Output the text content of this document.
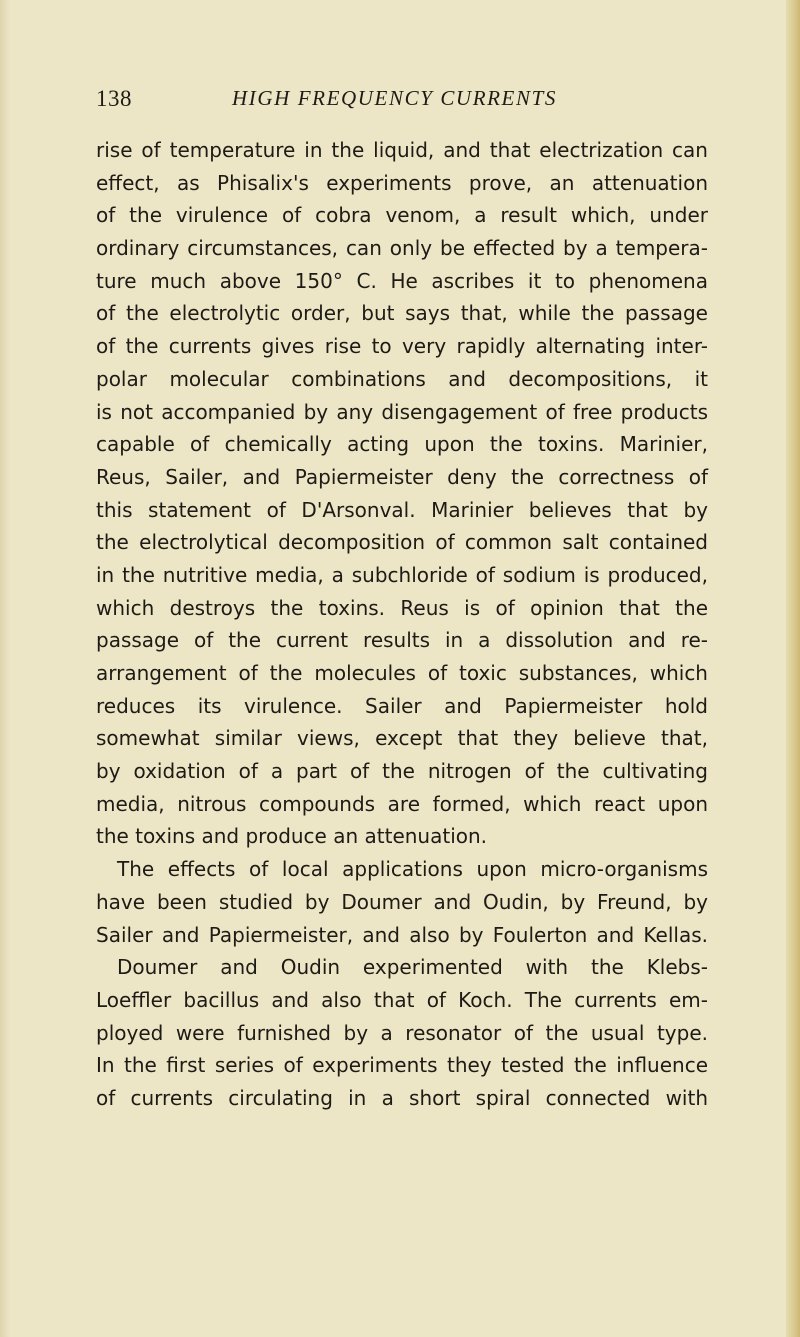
138	HIGH FREQUENCY CURRENTS
rise of temperature in the liquid, and that electrization can
effect, as Phisalix's experiments prove, an attenuation
of the virulence of cobra venom, a result which, under
ordinary circumstances, can only be effected by a tempera-
ture much above 150° C. He ascribes it to phenomena
of the electrolytic order, but says that, while the passage
of the currents gives rise to very rapidly alternating inter-
polar molecular combinations and decompositions, it
is not accompanied by any disengagement of free products
capable of chemically acting upon the toxins. Marinier,
Reus, Sailer, and Papiermeister deny the correctness of
this statement of D'Arsonval. Marinier believes that by
the electrolytical decomposition of common salt contained
in the nutritive media, a subchloride of sodium is produced,
which destroys the toxins. Reus is of opinion that the
passage of the current results in a dissolution and re-
arrangement of the molecules of toxic substances, which
reduces its virulence. Sailer and Papiermeister hold
somewhat similar views, except that they believe that,
by oxidation of a part of the nitrogen of the cultivating
media, nitrous compounds are formed, which react upon
the toxins and produce an attenuation.
The effects of local applications upon micro-organisms
have been studied by Doumer and Oudin, by Freund, by
Sailer and Papiermeister, and also by Foulerton and Kellas.
Doumer and Oudin experimented with the Klebs-
Loeffler bacillus and also that of Koch. The currents em-
ployed were furnished by a resonator of the usual type.
In the first series of experiments they tested the influence
of currents circulating in a short spiral connected with
